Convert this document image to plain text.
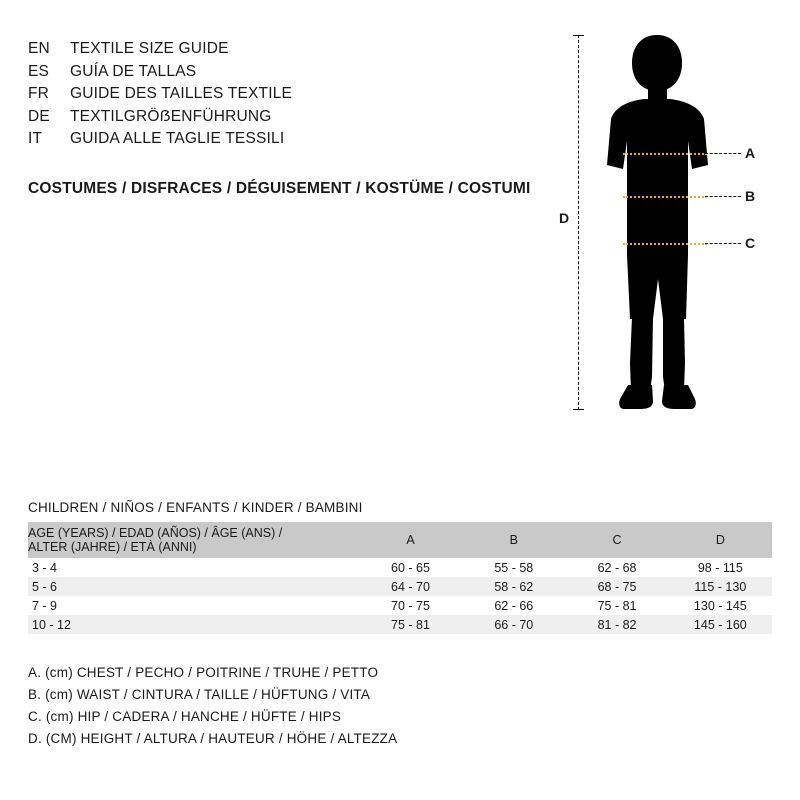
EN	TEXTILE SIZE GUIDE
ES	GUÍA DE TALLAS
FR	GUIDE DES TAILLES TEXTILE
DE	TEXTILGRÖẞENFÜHRUNG
IT	GUIDA ALLE TAGLIE TESSILI
COSTUMES / DISFRACES / DÉGUISEMENT / KOSTÜME / COSTUMI
D
A
B
C
CHILDREN / NIÑOS / ENFANTS / KINDER / BAMBINI
AGE (YEARS) / EDAD (AÑOS) / ÂGE (ANS) /
ALTER (JAHRE) / ETÀ (ANNI)	A	B	C	D
3 - 4	60 - 65	55 - 58	62 - 68	98 - 115
5 - 6	64 - 70	58 - 62	68 - 75	115 - 130
7 - 9	70 - 75	62 - 66	75 - 81	130 - 145
10 - 12	75 - 81	66 - 70	81 - 82	145 - 160
A. (cm) CHEST / PECHO / POITRINE / TRUHE / PETTO
B. (cm) WAIST / CINTURA / TAILLE / HÜFTUNG / VITA
C. (cm) HIP / CADERA / HANCHE / HÜFTE / HIPS
D. (CM) HEIGHT / ALTURA / HAUTEUR / HÖHE / ALTEZZA
